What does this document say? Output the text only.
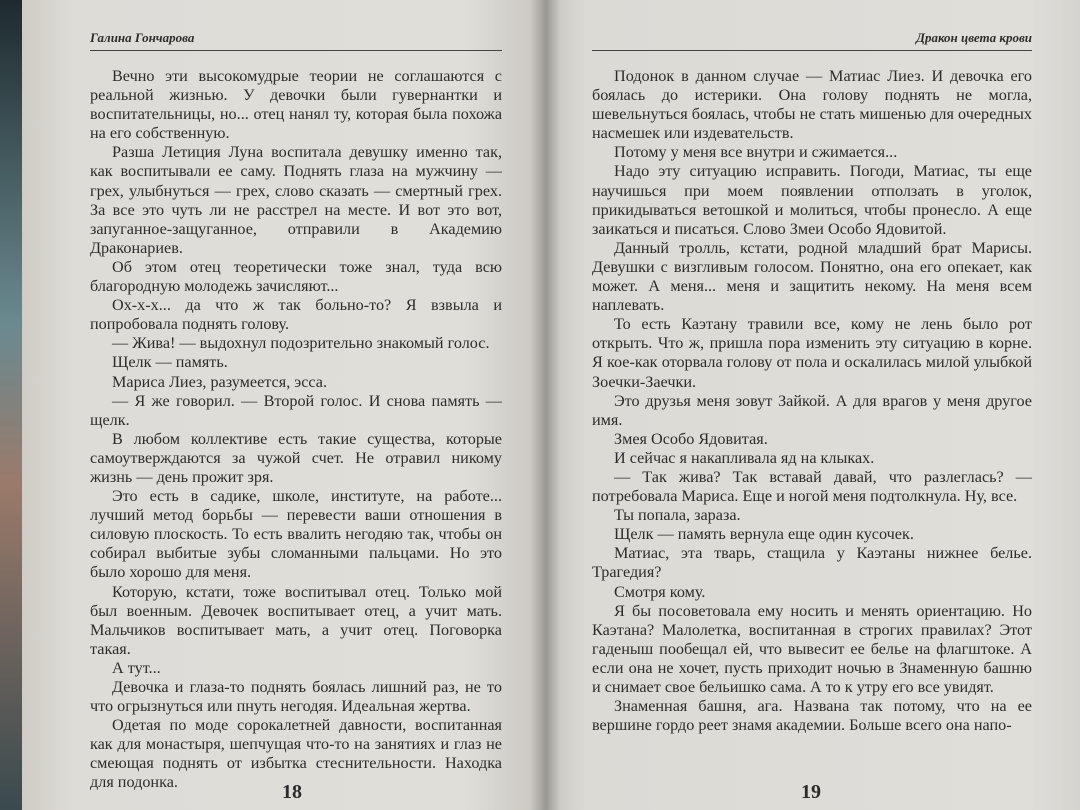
Галина Гончарова

Вечно эти высокомудрые теории не соглашаются с реальной жизнью. У девочки были гувернантки и воспитательницы, но... отец нанял ту, которая была похожа на его собственную.

Разша Летиция Луна воспитала девушку именно так, как воспитывали ее саму. Поднять глаза на мужчину — грех, улыбнуться — грех, слово сказать — смертный грех. За все это чуть ли не расстрел на месте. И вот это вот, запуганное-защуганное, отправили в Академию Драконариев.

Об этом отец теоретически тоже знал, туда всю благородную молодежь зачисляют...

Ох-х-х... да что ж так больно-то? Я взвыла и попробовала поднять голову.

— Жива! — выдохнул подозрительно знакомый голос.

Щелк — память.

Мариса Лиез, разумеется, эсса.

— Я же говорил. — Второй голос. И снова память — щелк.

В любом коллективе есть такие существа, которые самоутверждаются за чужой счет. Не отравил никому жизнь — день прожит зря.

Это есть в садике, школе, институте, на работе... лучший метод борьбы — перевести ваши отношения в силовую плоскость. То есть ввалить негодяю так, чтобы он собирал выбитые зубы сломанными пальцами. Но это было хорошо для меня.

Которую, кстати, тоже воспитывал отец. Только мой был военным. Девочек воспитывает отец, а учит мать. Мальчиков воспитывает мать, а учит отец. Поговорка такая.

А тут...

Девочка и глаза-то поднять боялась лишний раз, не то что огрызнуться или пнуть негодяя. Идеальная жертва.

Одетая по моде сорокалетней давности, воспитанная как для монастыря, шепчущая что-то на занятиях и глаз не смеющая поднять от избытка стеснительности. Находка для подонка.	18
Дракон цвета крови

Подонок в данном случае — Матиас Лиез. И девочка его боялась до истерики. Она голову поднять не могла, шевельнуться боялась, чтобы не стать мишенью для очередных насмешек или издевательств.

Потому у меня все внутри и сжимается...

Надо эту ситуацию исправить. Погоди, Матиас, ты еще научишься при моем появлении отползать в уголок, прикидываться ветошкой и молиться, чтобы пронесло. А еще заикаться и писаться. Слово Змеи Особо Ядовитой.

Данный тролль, кстати, родной младший брат Марисы. Девушки с визгливым голосом. Понятно, она его опекает, как может. А меня... меня и защитить некому. На меня всем наплевать.

То есть Каэтану травили все, кому не лень было рот открыть. Что ж, пришла пора изменить эту ситуацию в корне. Я кое-как оторвала голову от пола и оскалилась милой улыбкой Зоечки-Заечки.

Это друзья меня зовут Зайкой. А для врагов у меня другое имя.

Змея Особо Ядовитая.

И сейчас я накапливала яд на клыках.

— Так жива? Так вставай давай, что разлеглась? — потребовала Мариса. Еще и ногой меня подтолкнула. Ну, все.

Ты попала, зараза.

Щелк — память вернула еще один кусочек.

Матиас, эта тварь, стащила у Каэтаны нижнее белье. Трагедия?

Смотря кому.

Я бы посоветовала ему носить и менять ориентацию. Но Каэтана? Малолетка, воспитанная в строгих правилах? Этот гаденыш пообещал ей, что вывесит ее белье на флагштоке. А если она не хочет, пусть приходит ночью в Знаменную башню и снимает свое бельишко сама. А то к утру его все увидят.

Знаменная башня, ага. Названа так потому, что на ее вершине гордо реет знамя академии. Больше всего она напо-

19
